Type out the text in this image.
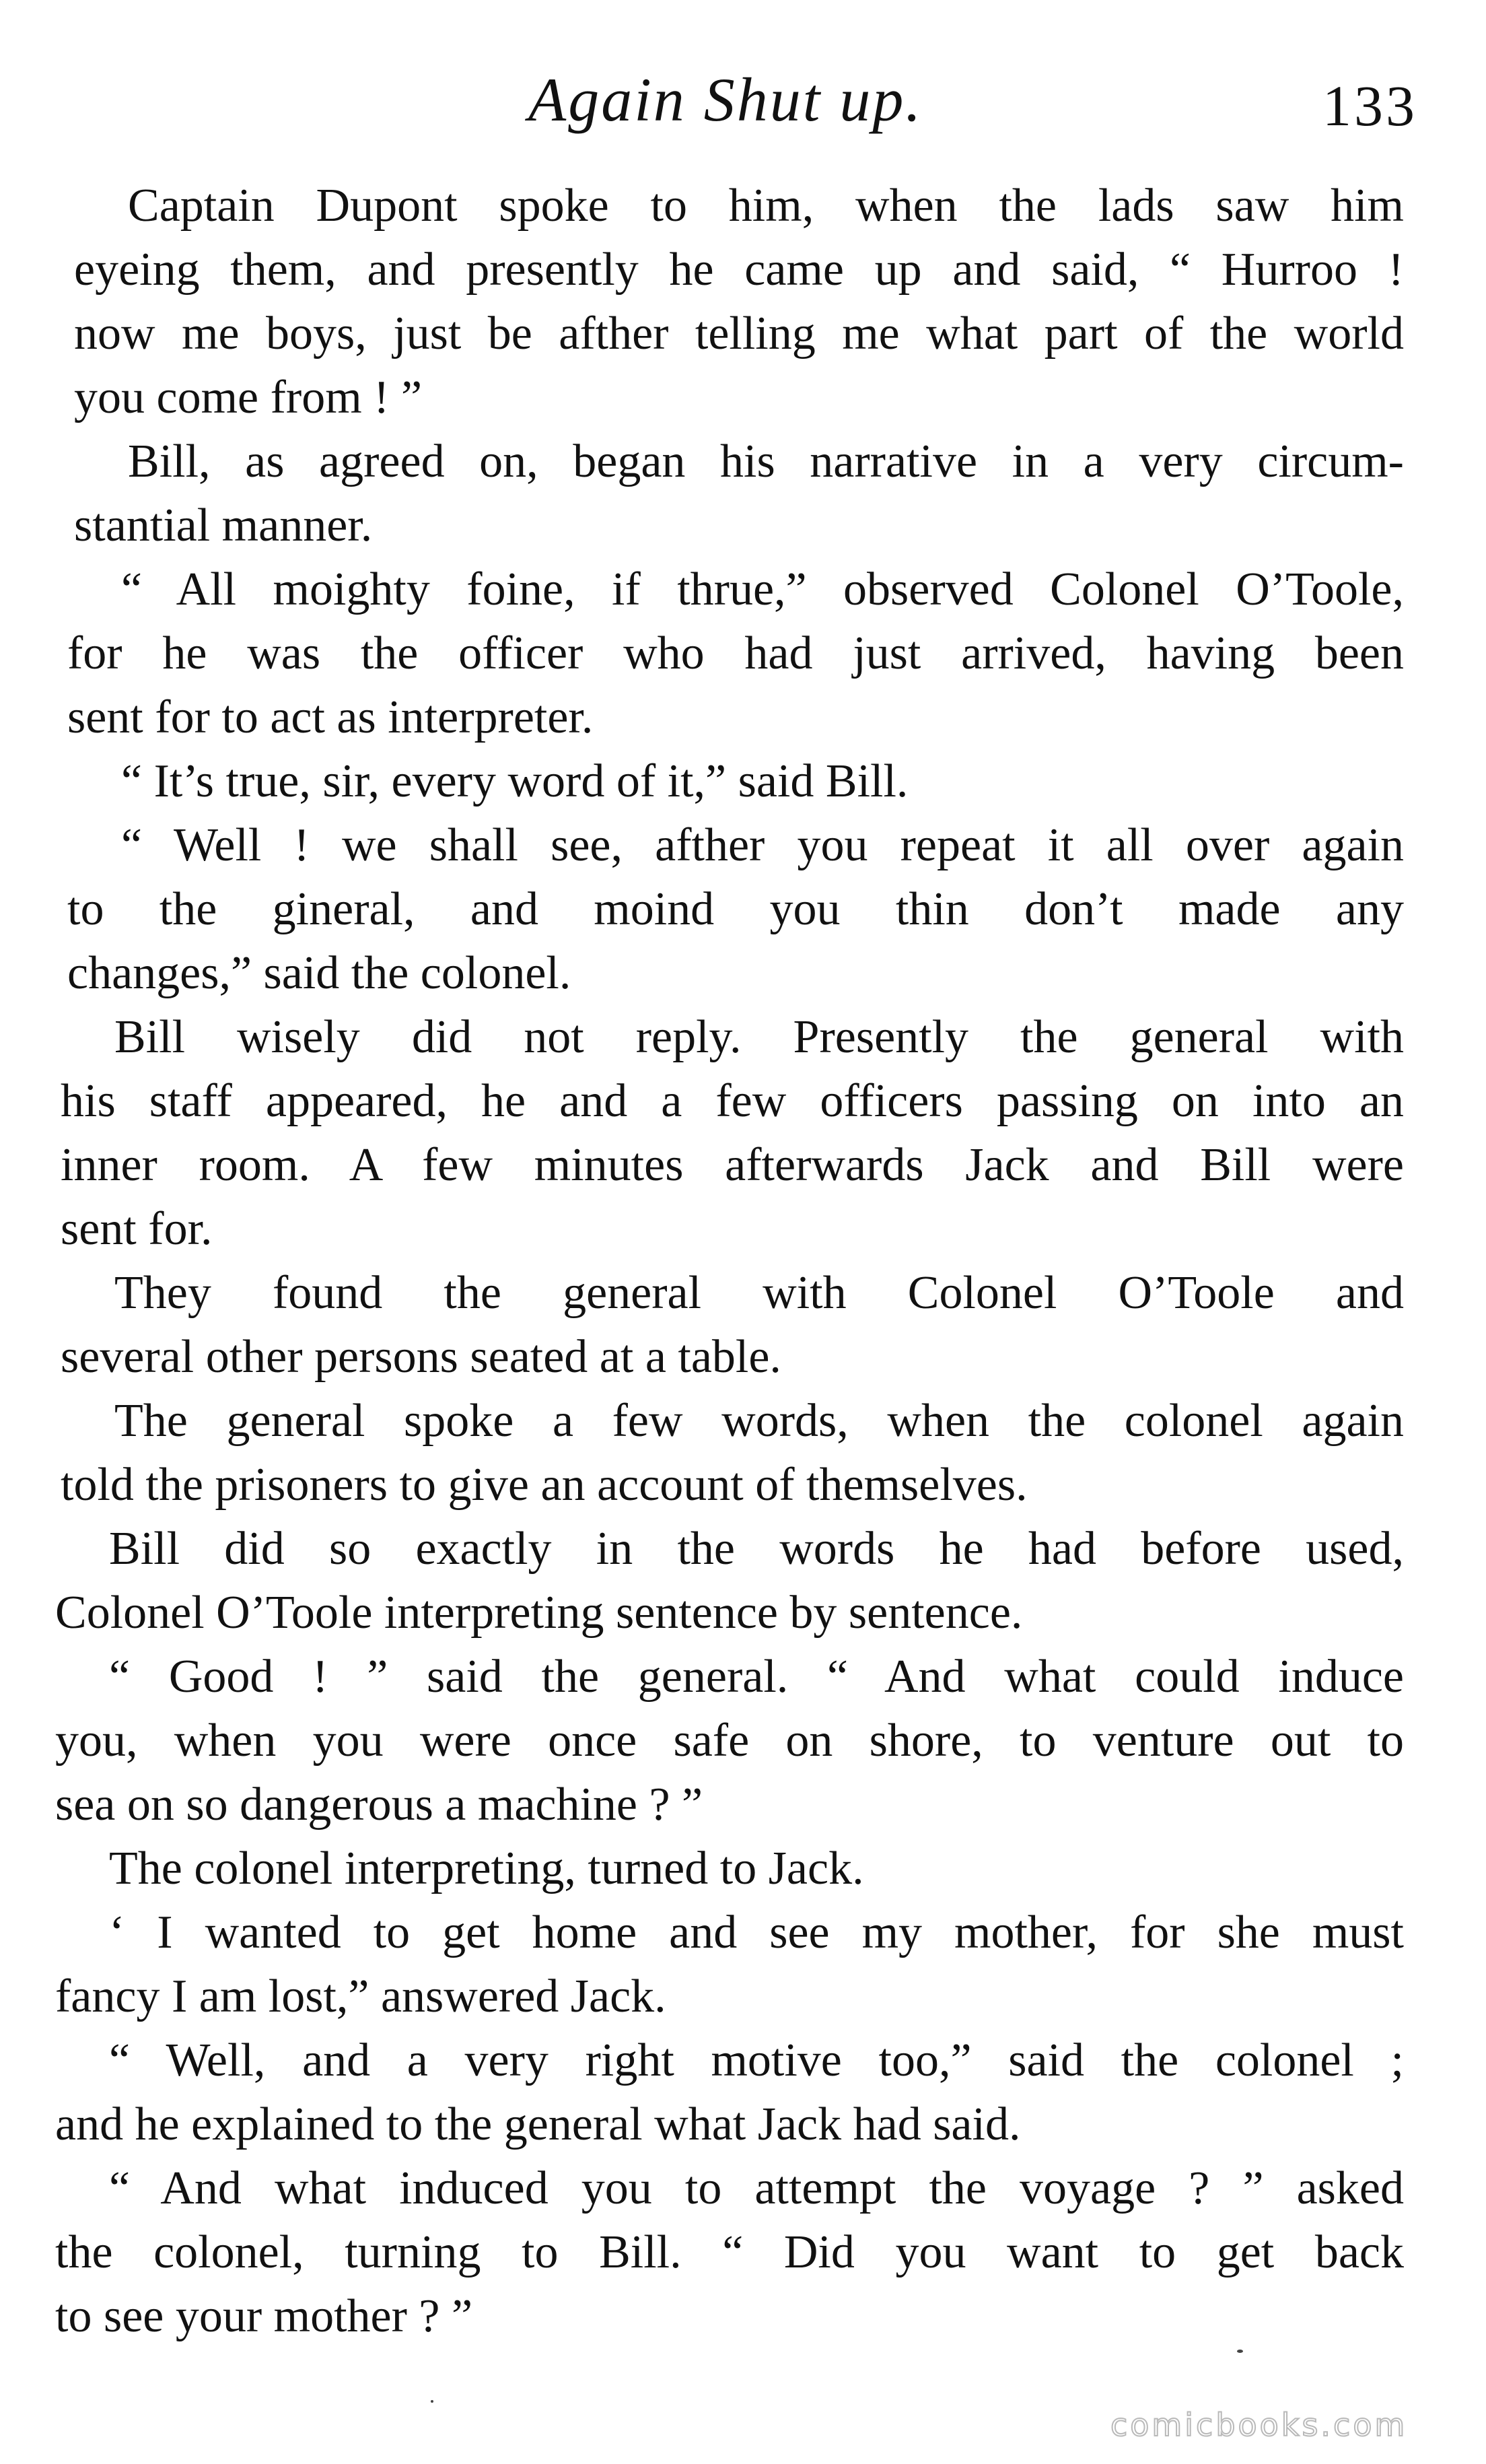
Again Shut up.	133

Captain Dupont spoke to him, when the lads saw him
eyeing them, and presently he came up and said, “ Hurroo !
now me boys, just be afther telling me what part of the world
you come from ! ”

Bill, as agreed on, began his narrative in a very circum-
stantial manner.

“ All moighty foine, if thrue,” observed Colonel O’Toole,
for he was the officer who had just arrived, having been
sent for to act as interpreter.

“ It’s true, sir, every word of it,” said Bill.

“ Well ! we shall see, afther you repeat it all over again
to the gineral, and moind you thin don’t made any
changes,” said the colonel.

Bill wisely did not reply. Presently the general with
his staff appeared, he and a few officers passing on into an
inner room. A few minutes afterwards Jack and Bill were
sent for.

They found the general with Colonel O’Toole and
several other persons seated at a table.

The general spoke a few words, when the colonel again
told the prisoners to give an account of themselves.

Bill did so exactly in the words he had before used,
Colonel O’Toole interpreting sentence by sentence.

“ Good ! ” said the general. “ And what could induce
you, when you were once safe on shore, to venture out to
sea on so dangerous a machine ? ”

The colonel interpreting, turned to Jack.

‘ I wanted to get home and see my mother, for she must
fancy I am lost,” answered Jack.

“ Well, and a very right motive too,” said the colonel ;
and he explained to the general what Jack had said.

“ And what induced you to attempt the voyage ? ” asked
the colonel, turning to Bill. “ Did you want to get back
to see your mother ? ”

comicbooks.com
